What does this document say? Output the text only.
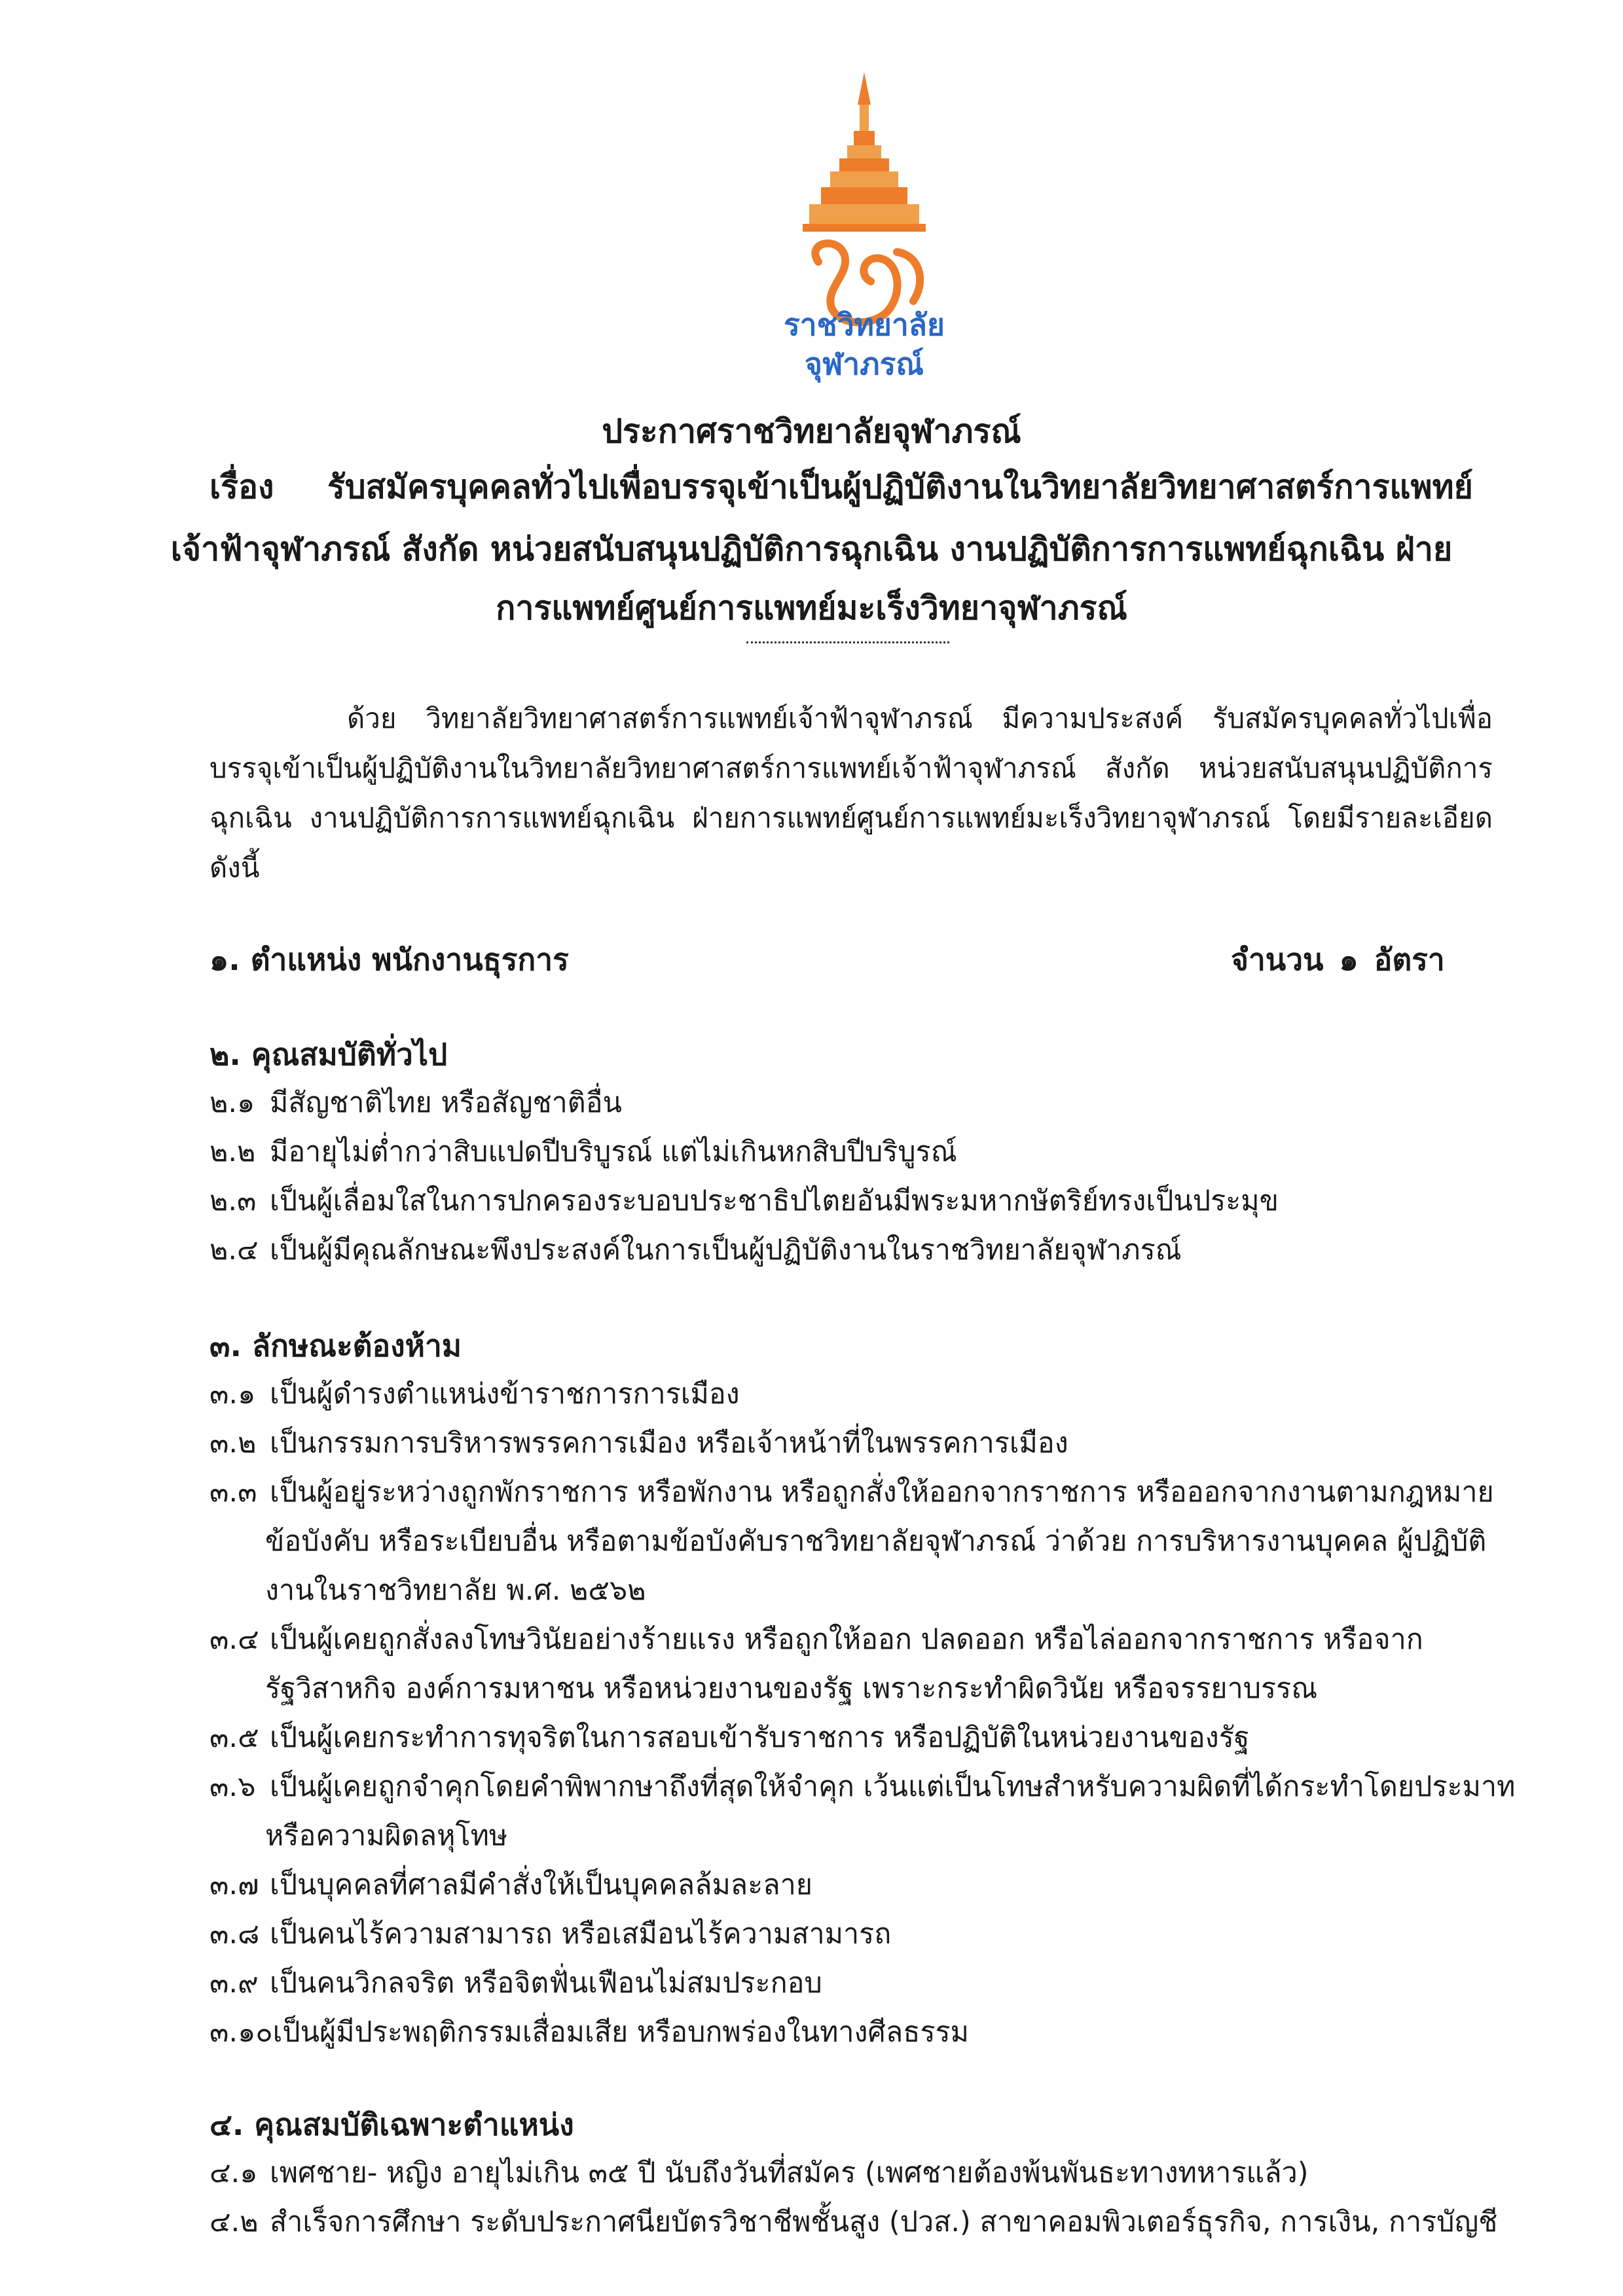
ราชวิทยาลัย
จุฬาภรณ์
ประกาศราชวิทยาลัยจุฬาภรณ์
เรื่อง รับสมัครบุคคลทั่วไปเพื่อบรรจุเข้าเป็นผู้ปฏิบัติงานในวิทยาลัยวิทยาศาสตร์การแพทย์
เจ้าฟ้าจุฬาภรณ์ สังกัด หน่วยสนับสนุนปฏิบัติการฉุกเฉิน งานปฏิบัติการการแพทย์ฉุกเฉิน ฝ่าย
การแพทย์ศูนย์การแพทย์มะเร็งวิทยาจุฬาภรณ์
ด้วย วิทยาลัยวิทยาศาสตร์การแพทย์เจ้าฟ้าจุฬาภรณ์ มีความประสงค์ รับสมัครบุคคลทั่วไปเพื่อบรรจุเข้าเป็นผู้ปฏิบัติงานในวิทยาลัยวิทยาศาสตร์การแพทย์เจ้าฟ้าจุฬาภรณ์ สังกัด หน่วยสนับสนุนปฏิบัติการฉุกเฉิน งานปฏิบัติการการแพทย์ฉุกเฉิน ฝ่ายการแพทย์ศูนย์การแพทย์มะเร็งวิทยาจุฬาภรณ์ โดยมีรายละเอียดดังนี้
๑. ตำแหน่ง พนักงานธุรการ	จำนวน ๑ อัตรา
๒. คุณสมบัติทั่วไป
๒.๑ มีสัญชาติไทย หรือสัญชาติอื่น
๒.๒ มีอายุไม่ต่ำกว่าสิบแปดปีบริบูรณ์ แต่ไม่เกินหกสิบปีบริบูรณ์
๒.๓ เป็นผู้เลื่อมใสในการปกครองระบอบประชาธิปไตยอันมีพระมหากษัตริย์ทรงเป็นประมุข
๒.๔ เป็นผู้มีคุณลักษณะพึงประสงค์ในการเป็นผู้ปฏิบัติงานในราชวิทยาลัยจุฬาภรณ์
๓. ลักษณะต้องห้าม
๓.๑ เป็นผู้ดำรงตำแหน่งข้าราชการการเมือง
๓.๒ เป็นกรรมการบริหารพรรคการเมือง หรือเจ้าหน้าที่ในพรรคการเมือง
๓.๓ เป็นผู้อยู่ระหว่างถูกพักราชการ หรือพักงาน หรือถูกสั่งให้ออกจากราชการ หรือออกจากงานตามกฎหมาย
ข้อบังคับ หรือระเบียบอื่น หรือตามข้อบังคับราชวิทยาลัยจุฬาภรณ์ ว่าด้วย การบริหารงานบุคคล ผู้ปฏิบัติ
งานในราชวิทยาลัย พ.ศ. ๒๕๖๒
๓.๔ เป็นผู้เคยถูกสั่งลงโทษวินัยอย่างร้ายแรง หรือถูกให้ออก ปลดออก หรือไล่ออกจากราชการ หรือจาก
รัฐวิสาหกิจ องค์การมหาชน หรือหน่วยงานของรัฐ เพราะกระทำผิดวินัย หรือจรรยาบรรณ
๓.๕ เป็นผู้เคยกระทำการทุจริตในการสอบเข้ารับราชการ หรือปฏิบัติในหน่วยงานของรัฐ
๓.๖ เป็นผู้เคยถูกจำคุกโดยคำพิพากษาถึงที่สุดให้จำคุก เว้นแต่เป็นโทษสำหรับความผิดที่ได้กระทำโดยประมาท
หรือความผิดลหุโทษ
๓.๗ เป็นบุคคลที่ศาลมีคำสั่งให้เป็นบุคคลล้มละลาย
๓.๘ เป็นคนไร้ความสามารถ หรือเสมือนไร้ความสามารถ
๓.๙ เป็นคนวิกลจริต หรือจิตฟั่นเฟือนไม่สมประกอบ
๓.๑๐เป็นผู้มีประพฤติกรรมเสื่อมเสีย หรือบกพร่องในทางศีลธรรม
๔. คุณสมบัติเฉพาะตำแหน่ง
๔.๑ เพศชาย- หญิง อายุไม่เกิน ๓๕ ปี นับถึงวันที่สมัคร (เพศชายต้องพ้นพันธะทางทหารแล้ว)
๔.๒ สำเร็จการศึกษา ระดับประกาศนียบัตรวิชาชีพชั้นสูง (ปวส.) สาขาคอมพิวเตอร์ธุรกิจ, การเงิน, การบัญชี
